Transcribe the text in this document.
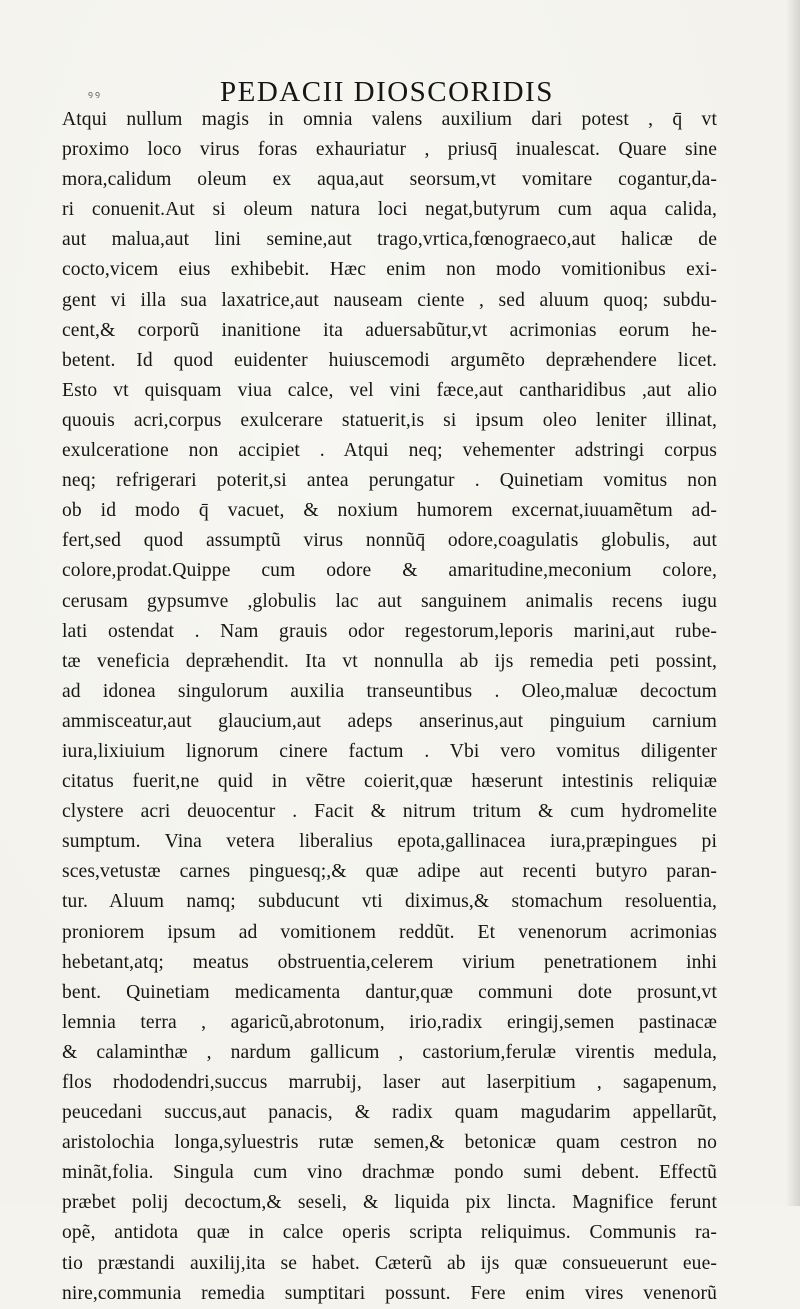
ꝰꝰ	PEDACII DIOSCORIDIS
Atqui nullum magis in omnia valens auxilium dari potest , q̄ vt
proximo loco virus foras exhauriatur , priusq̄ inualescat. Quare sine
mora,calidum oleum ex aqua,aut seorsum,vt vomitare cogantur,da-
ri conuenit.Aut si oleum natura loci negat,butyrum cum aqua calida,
aut malua,aut lini semine,aut trago,vrtica,fœnograeco,aut halicæ de
cocto,vicem eius exhibebit. Hæc enim non modo vomitionibus exi-
gent vi illa sua laxatrice,aut nauseam ciente , sed aluum quoq; subdu-
cent,& corporũ inanitione ita aduersabũtur,vt acrimonias eorum he-
betent. Id quod euidenter huiuscemodi argumẽto depræhendere licet.
Esto vt quisquam viua calce, vel vini fæce,aut cantharidibus ,aut alio
quouis acri,corpus exulcerare statuerit,is si ipsum oleo leniter illinat,
exulceratione non accipiet . Atqui neq; vehementer adstringi corpus
neq; refrigerari poterit,si antea perungatur . Quinetiam vomitus non
ob id modo q̄ vacuet, & noxium humorem excernat,iuuamẽtum ad-
fert,sed quod assumptũ virus nonnũq̄ odore,coagulatis globulis, aut
colore,prodat.Quippe cum odore & amaritudine,meconium colore,
cerusam gypsumve ,globulis lac aut sanguinem animalis recens iugu
lati ostendat . Nam grauis odor regestorum,leporis marini,aut rube-
tæ veneficia depræhendit. Ita vt nonnulla ab ijs remedia peti possint,
ad idonea singulorum auxilia transeuntibus . Oleo,maluæ decoctum
ammisceatur,aut glaucium,aut adeps anserinus,aut pinguium carnium
iura,lixiuium lignorum cinere factum . Vbi vero vomitus diligenter
citatus fuerit,ne quid in vẽtre coierit,quæ hæserunt intestinis reliquiæ
clystere acri deuocentur . Facit & nitrum tritum & cum hydromelite
sumptum. Vina vetera liberalius epota,gallinacea iura,præpingues pi
sces,vetustæ carnes pinguesq;,& quæ adipe aut recenti butyro paran-
tur. Aluum namq; subducunt vti diximus,& stomachum resoluentia,
proniorem ipsum ad vomitionem reddũt. Et venenorum acrimonias
hebetant,atq; meatus obstruentia,celerem virium penetrationem inhi
bent. Quinetiam medicamenta dantur,quæ communi dote prosunt,vt
lemnia terra , agaricũ,abrotonum, irio,radix eringij,semen pastinacæ
& calaminthæ , nardum gallicum , castorium,ferulæ virentis medula,
flos rhododendri,succus marrubij, laser aut laserpitium , sagapenum,
peucedani succus,aut panacis, & radix quam magudarim appellarũt,
aristolochia longa,syluestris rutæ semen,& betonicæ quam cestron no
minãt,folia. Singula cum vino drachmæ pondo sumi debent. Effectũ
præbet polij decoctum,& seseli, & liquida pix lincta. Magnifice ferunt
opẽ, antidota quæ in calce operis scripta reliquimus. Communis ra-
tio præstandi auxilij,ita se habet. Cæterũ ab ijs quæ consueuerunt eue-
nire,communia remedia sumptitari possunt. Fere enim vires venenorũ
